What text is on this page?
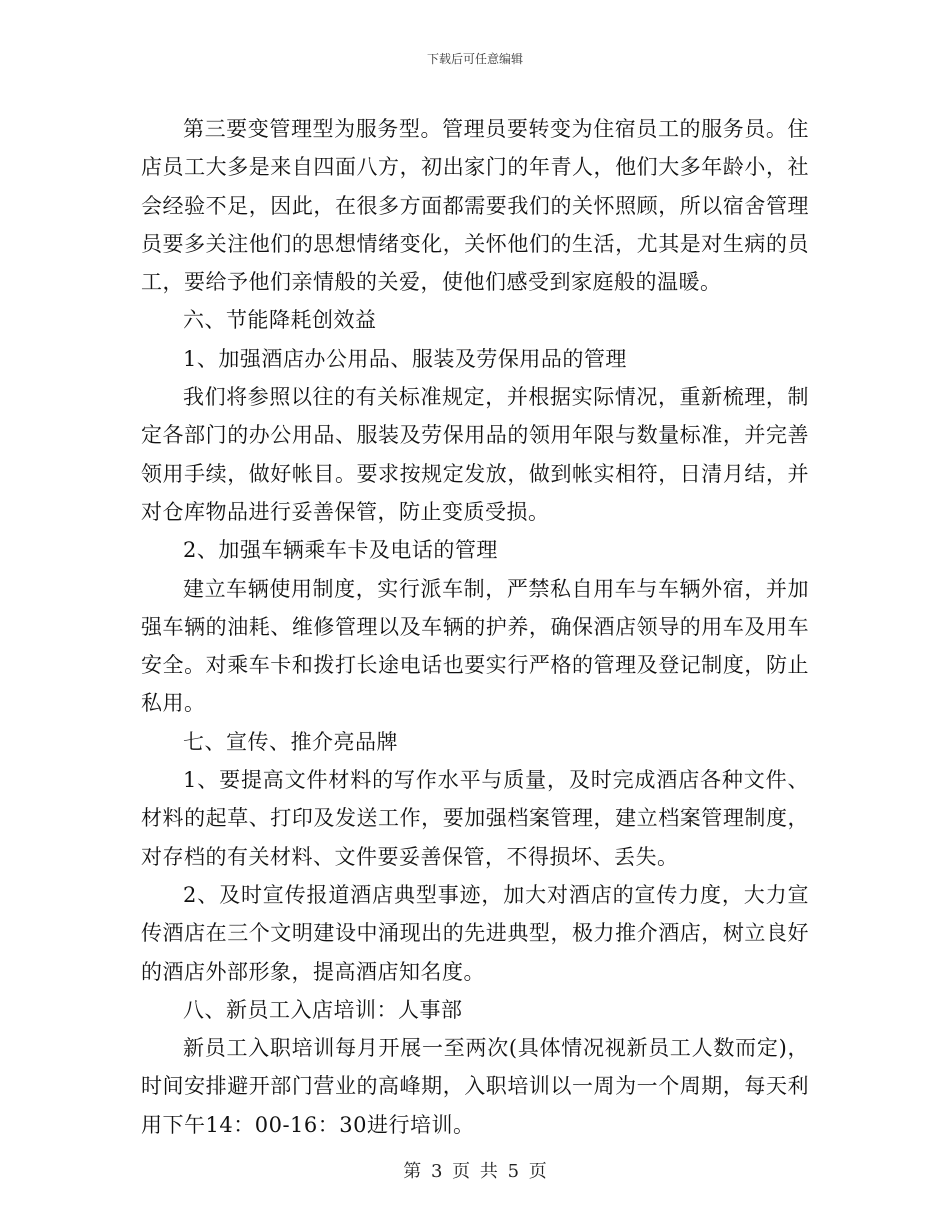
下载后可任意编辑

第三要变管理型为服务型。管理员要转变为住宿员工的服务员。住店员工大多是来自四面八方，初出家门的年青人，他们大多年龄小，社会经验不足，因此，在很多方面都需要我们的关怀照顾，所以宿舍管理员要多关注他们的思想情绪变化，关怀他们的生活，尤其是对生病的员工，要给予他们亲情般的关爱，使他们感受到家庭般的温暖。

六、节能降耗创效益

1、加强酒店办公用品、服装及劳保用品的管理

我们将参照以往的有关标准规定，并根据实际情况，重新梳理，制定各部门的办公用品、服装及劳保用品的领用年限与数量标准，并完善领用手续，做好帐目。要求按规定发放，做到帐实相符，日清月结，并对仓库物品进行妥善保管，防止变质受损。

2、加强车辆乘车卡及电话的管理

建立车辆使用制度，实行派车制，严禁私自用车与车辆外宿，并加强车辆的油耗、维修管理以及车辆的护养，确保酒店领导的用车及用车安全。对乘车卡和拨打长途电话也要实行严格的管理及登记制度，防止私用。

七、宣传、推介亮品牌

1、要提高文件材料的写作水平与质量，及时完成酒店各种文件、材料的起草、打印及发送工作，要加强档案管理，建立档案管理制度，对存档的有关材料、文件要妥善保管，不得损坏、丢失。

2、及时宣传报道酒店典型事迹，加大对酒店的宣传力度，大力宣传酒店在三个文明建设中涌现出的先进典型，极力推介酒店，树立良好的酒店外部形象，提高酒店知名度。

八、新员工入店培训：人事部

新员工入职培训每月开展一至两次(具体情况视新员工人数而定)，时间安排避开部门营业的高峰期，入职培训以一周为一个周期，每天利用下午14：00-16：30进行培训。

第 3 页 共 5 页
